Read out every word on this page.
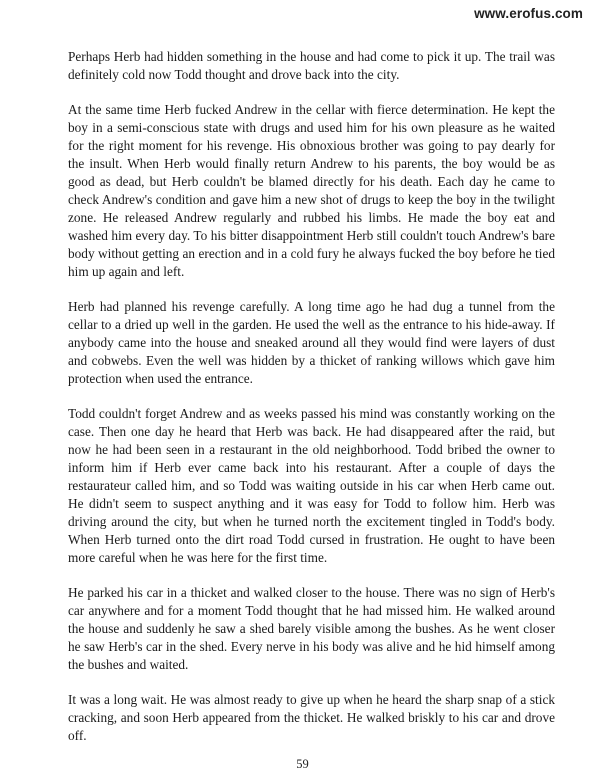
www.erofus.com

Perhaps Herb had hidden something in the house and had come to pick it up. The trail was definitely cold now Todd thought and drove back into the city.

At the same time Herb fucked Andrew in the cellar with fierce determination. He kept the boy in a semi-conscious state with drugs and used him for his own pleasure as he waited for the right moment for his revenge. His obnoxious brother was going to pay dearly for the insult. When Herb would finally return Andrew to his parents, the boy would be as good as dead, but Herb couldn't be blamed directly for his death. Each day he came to check Andrew's condition and gave him a new shot of drugs to keep the boy in the twilight zone. He released Andrew regularly and rubbed his limbs. He made the boy eat and washed him every day. To his bitter disappointment Herb still couldn't touch Andrew's bare body without getting an erection and in a cold fury he always fucked the boy before he tied him up again and left.

Herb had planned his revenge carefully. A long time ago he had dug a tunnel from the cellar to a dried up well in the garden. He used the well as the entrance to his hide-away. If anybody came into the house and sneaked around all they would find were layers of dust and cobwebs. Even the well was hidden by a thicket of ranking willows which gave him protection when used the entrance.

Todd couldn't forget Andrew and as weeks passed his mind was constantly working on the case. Then one day he heard that Herb was back. He had disappeared after the raid, but now he had been seen in a restaurant in the old neighborhood. Todd bribed the owner to inform him if Herb ever came back into his restaurant. After a couple of days the restaurateur called him, and so Todd was waiting outside in his car when Herb came out. He didn't seem to suspect anything and it was easy for Todd to follow him. Herb was driving around the city, but when he turned north the excitement tingled in Todd's body. When Herb turned onto the dirt road Todd cursed in frustration. He ought to have been more careful when he was here for the first time.

He parked his car in a thicket and walked closer to the house. There was no sign of Herb's car anywhere and for a moment Todd thought that he had missed him. He walked around the house and suddenly he saw a shed barely visible among the bushes. As he went closer he saw Herb's car in the shed. Every nerve in his body was alive and he hid himself among the bushes and waited.

It was a long wait. He was almost ready to give up when he heard the sharp snap of a stick cracking, and soon Herb appeared from the thicket. He walked briskly to his car and drove off.

59
